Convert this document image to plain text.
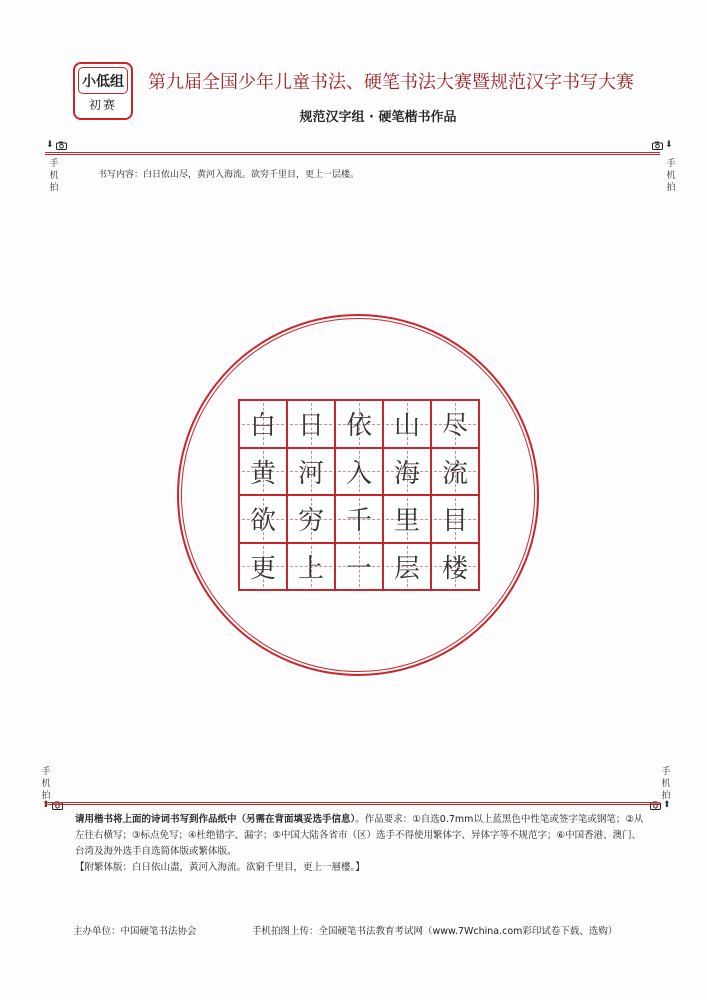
小低组
初赛
第九届全国少年儿童书法、硬笔书法大赛暨规范汉字书写大赛
规范汉字组 · 硬笔楷书作品
⬇
手机拍
⬇
手机拍
书写内容：白日依山尽，黄河入海流。欲穷千里目，更上一层楼。
白 日 依 山 尽
黄 河 入 海 流
欲 穷 千 里 目
更 上 一 层 楼
手机拍
⬆
手机拍
⬆
请用楷书将上面的诗词书写到作品纸中（另需在背面填妥选手信息）。作品要求：①自选0.7mm以上蓝黑色中性笔或签字笔或钢笔；②从左往右横写；③标点免写；④杜绝错字、漏字；⑤中国大陆各省市（区）选手不得使用繁体字、异体字等不规范字；⑥中国香港、澳门、台湾及海外选手自选简体版或繁体版。
【附繁体版：白日依山盡，黃河入海流。欲窮千里目，更上一層樓。】
主办单位：中国硬笔书法协会	手机拍图上传：全国硬笔书法教育考试网（www.7Wchina.com彩印试卷下载、选购）
